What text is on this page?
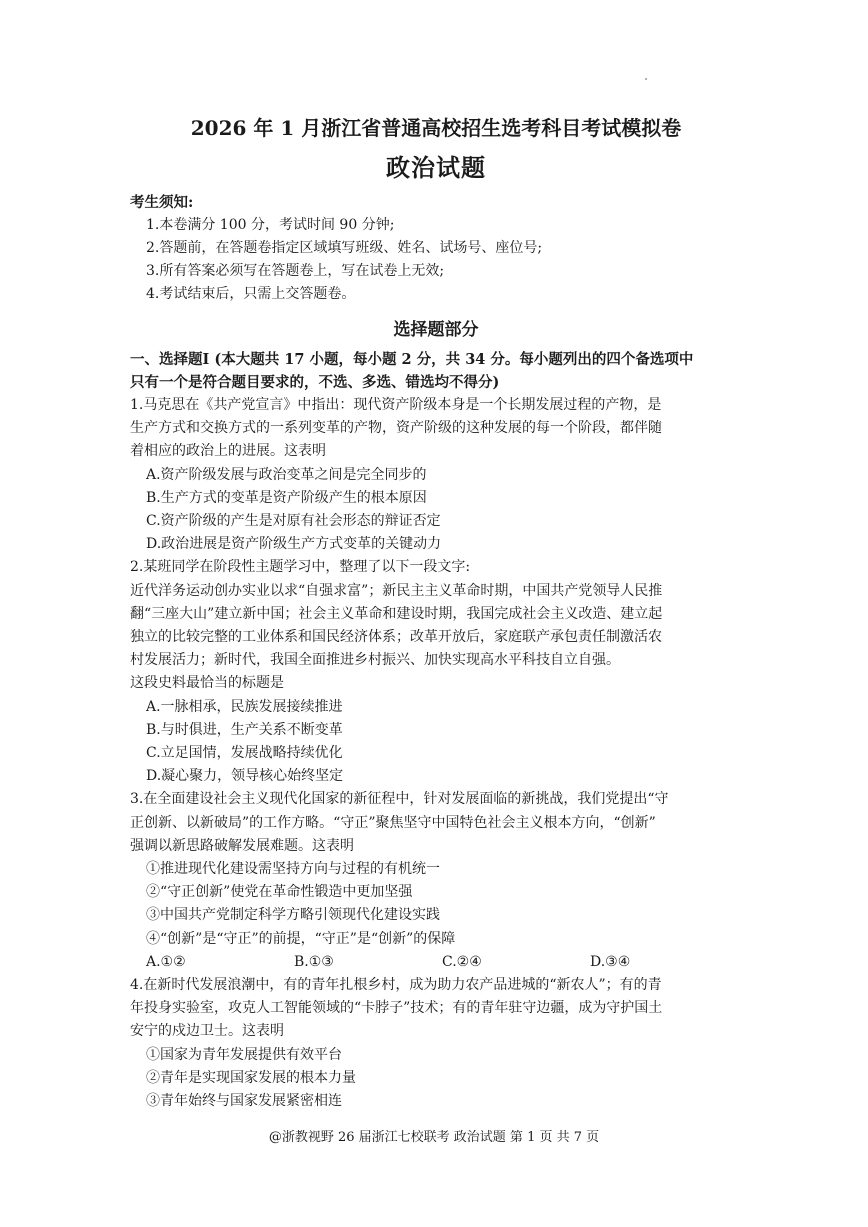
2026 年 1 月浙江省普通高校招生选考科目考试模拟卷
政治试题
考生须知:
1.本卷满分 100 分，考试时间 90 分钟;
2.答题前，在答题卷指定区域填写班级、姓名、试场号、座位号;
3.所有答案必须写在答题卷上，写在试卷上无效;
4.考试结束后，只需上交答题卷。
选择题部分
一、选择题Ⅰ (本大题共 17 小题，每小题 2 分，共 34 分。每小题列出的四个备选项中
只有一个是符合题目要求的，不选、多选、错选均不得分)
1.马克思在《共产党宣言》中指出：现代资产阶级本身是一个长期发展过程的产物，是
生产方式和交换方式的一系列变革的产物，资产阶级的这种发展的每一个阶段，都伴随
着相应的政治上的进展。这表明
A.资产阶级发展与政治变革之间是完全同步的
B.生产方式的变革是资产阶级产生的根本原因
C.资产阶级的产生是对原有社会形态的辩证否定
D.政治进展是资产阶级生产方式变革的关键动力
2.某班同学在阶段性主题学习中，整理了以下一段文字:
近代洋务运动创办实业以求“自强求富”；新民主主义革命时期，中国共产党领导人民推
翻“三座大山”建立新中国；社会主义革命和建设时期，我国完成社会主义改造、建立起
独立的比较完整的工业体系和国民经济体系；改革开放后，家庭联产承包责任制激活农
村发展活力；新时代，我国全面推进乡村振兴、加快实现高水平科技自立自强。
这段史料最恰当的标题是
A.一脉相承，民族发展接续推进
B.与时俱进，生产关系不断变革
C.立足国情，发展战略持续优化
D.凝心聚力，领导核心始终坚定
3.在全面建设社会主义现代化国家的新征程中，针对发展面临的新挑战，我们党提出“守
正创新、以新破局”的工作方略。“守正”聚焦坚守中国特色社会主义根本方向，“创新”
强调以新思路破解发展难题。这表明
①推进现代化建设需坚持方向与过程的有机统一
②“守正创新”使党在革命性锻造中更加坚强
③中国共产党制定科学方略引领现代化建设实践
④“创新”是“守正”的前提，“守正”是“创新”的保障
A.①②	B.①③	C.②④	D.③④
4.在新时代发展浪潮中，有的青年扎根乡村，成为助力农产品进城的“新农人”；有的青
年投身实验室，攻克人工智能领域的“卡脖子”技术；有的青年驻守边疆，成为守护国土
安宁的戍边卫士。这表明
①国家为青年发展提供有效平台
②青年是实现国家发展的根本力量
③青年始终与国家发展紧密相连
@浙教视野 26 届浙江七校联考 政治试题 第 1 页 共 7 页
